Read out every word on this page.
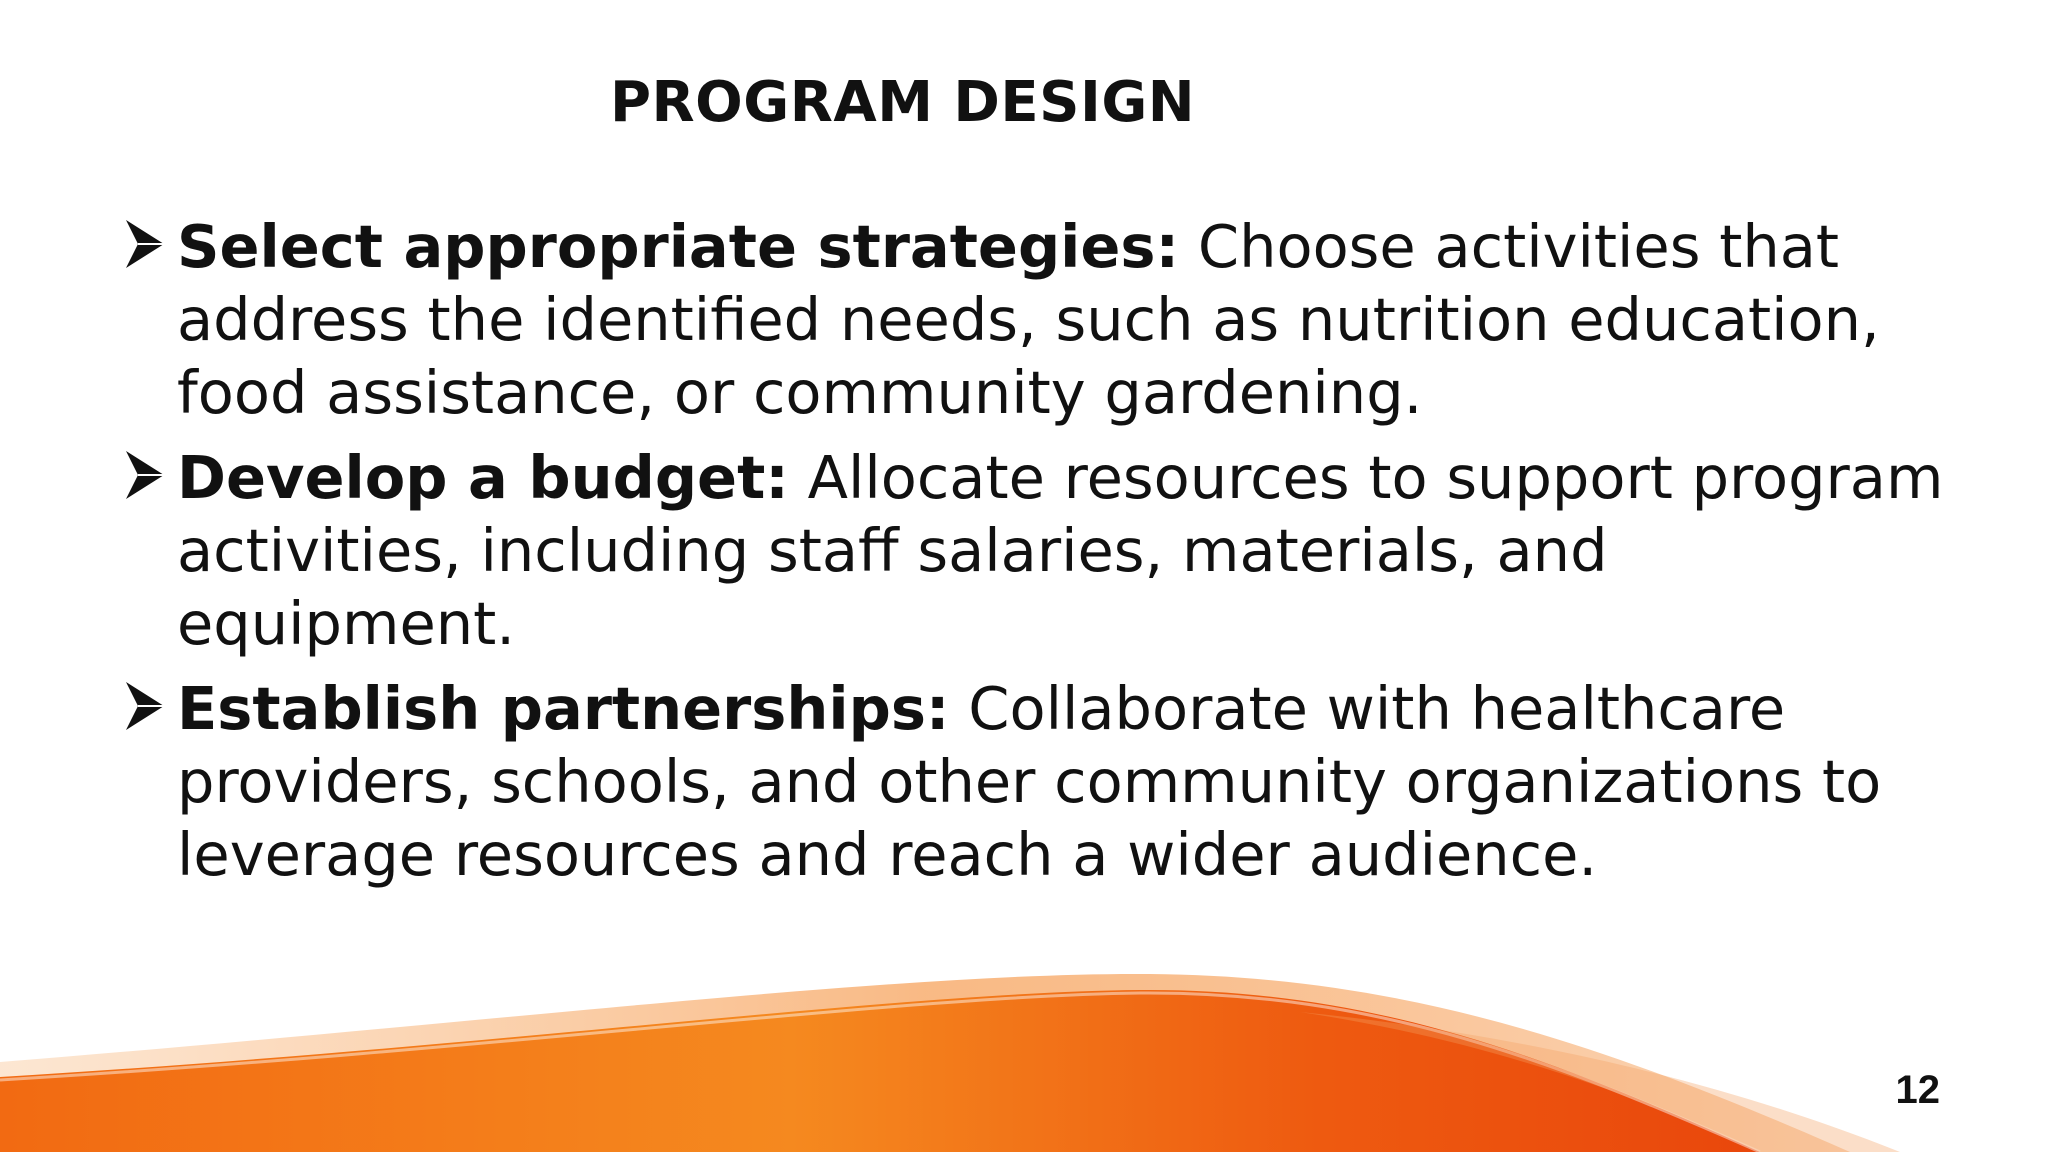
PROGRAM DESIGN
Select appropriate strategies: Choose activities that address the identified needs, such as nutrition education, food assistance, or community gardening.
Develop a budget: Allocate resources to support program activities, including staff salaries, materials, and equipment.
Establish partnerships: Collaborate with healthcare providers, schools, and other community organizations to leverage resources and reach a wider audience.
12
